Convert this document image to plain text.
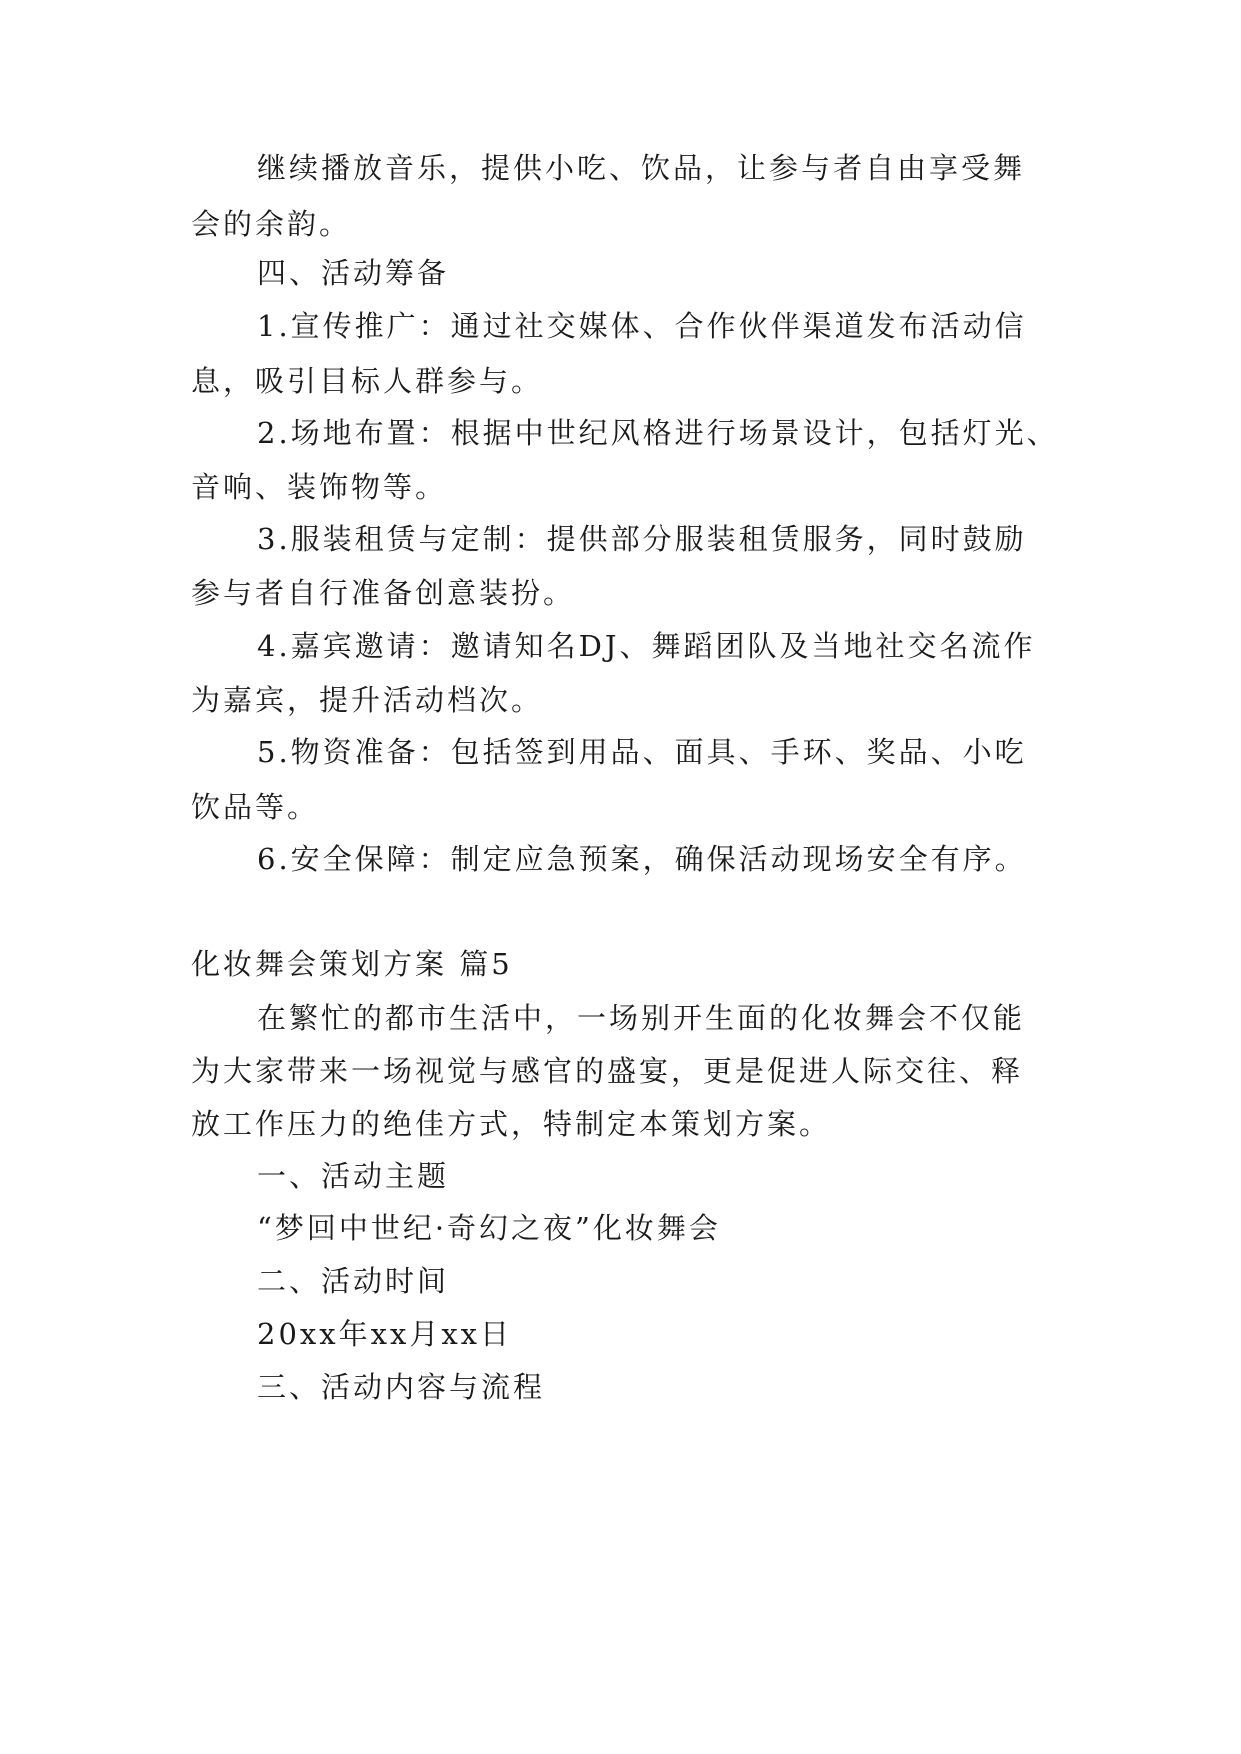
继续播放音乐，提供小吃、饮品，让参与者自由享受舞
会的余韵。
四、活动筹备
1.宣传推广：通过社交媒体、合作伙伴渠道发布活动信
息，吸引目标人群参与。
2.场地布置：根据中世纪风格进行场景设计，包括灯光、
音响、装饰物等。
3.服装租赁与定制：提供部分服装租赁服务，同时鼓励
参与者自行准备创意装扮。
4.嘉宾邀请：邀请知名DJ、舞蹈团队及当地社交名流作
为嘉宾，提升活动档次。
5.物资准备：包括签到用品、面具、手环、奖品、小吃
饮品等。
6.安全保障：制定应急预案，确保活动现场安全有序。
化妆舞会策划方案 篇5
在繁忙的都市生活中，一场别开生面的化妆舞会不仅能
为大家带来一场视觉与感官的盛宴，更是促进人际交往、释
放工作压力的绝佳方式，特制定本策划方案。
一、活动主题
“梦回中世纪·奇幻之夜”化妆舞会
二、活动时间
20xx年xx月xx日
三、活动内容与流程
